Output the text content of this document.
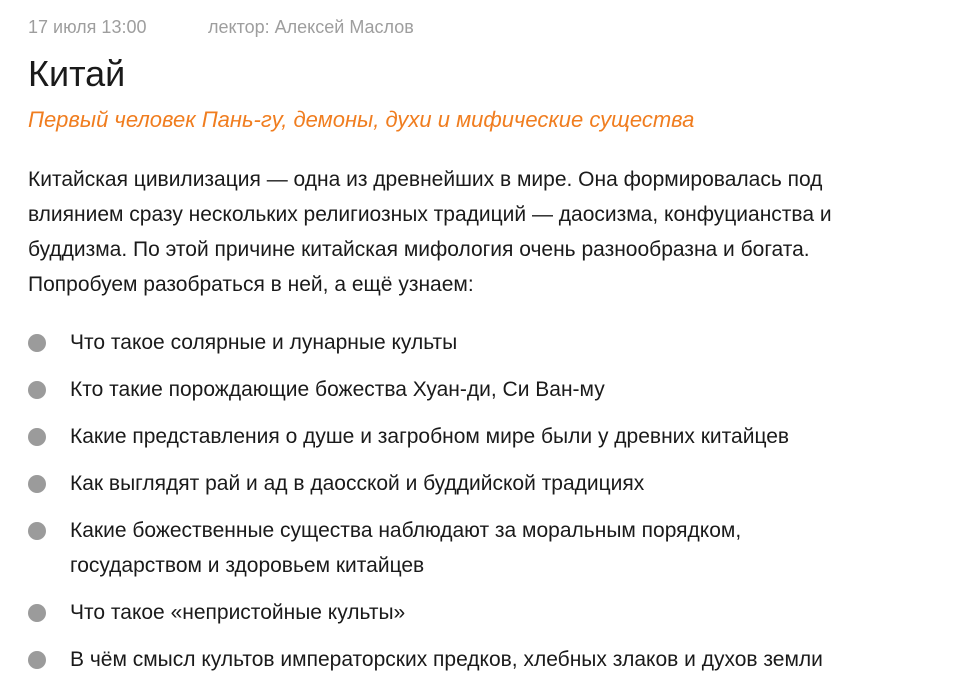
17 июля 13:00	лектор: Алексей Маслов
Китай
Первый человек Пань-гу, демоны, духи и мифические существа

Китайская цивилизация — одна из древнейших в мире. Она формировалась под
влиянием сразу нескольких религиозных традиций — даосизма, конфуцианства и
буддизма. По этой причине китайская мифология очень разнообразна и богата.
Попробуем разобраться в ней, а ещё узнаем:

Что такое солярные и лунарные культы
Кто такие порождающие божества Хуан-ди, Си Ван-му
Какие представления о душе и загробном мире были у древних китайцев
Как выглядят рай и ад в даосской и буддийской традициях
Какие божественные существа наблюдают за моральным порядком,
государством и здоровьем китайцев
Что такое «непристойные культы»
В чём смысл культов императорских предков, хлебных злаков и духов земли
